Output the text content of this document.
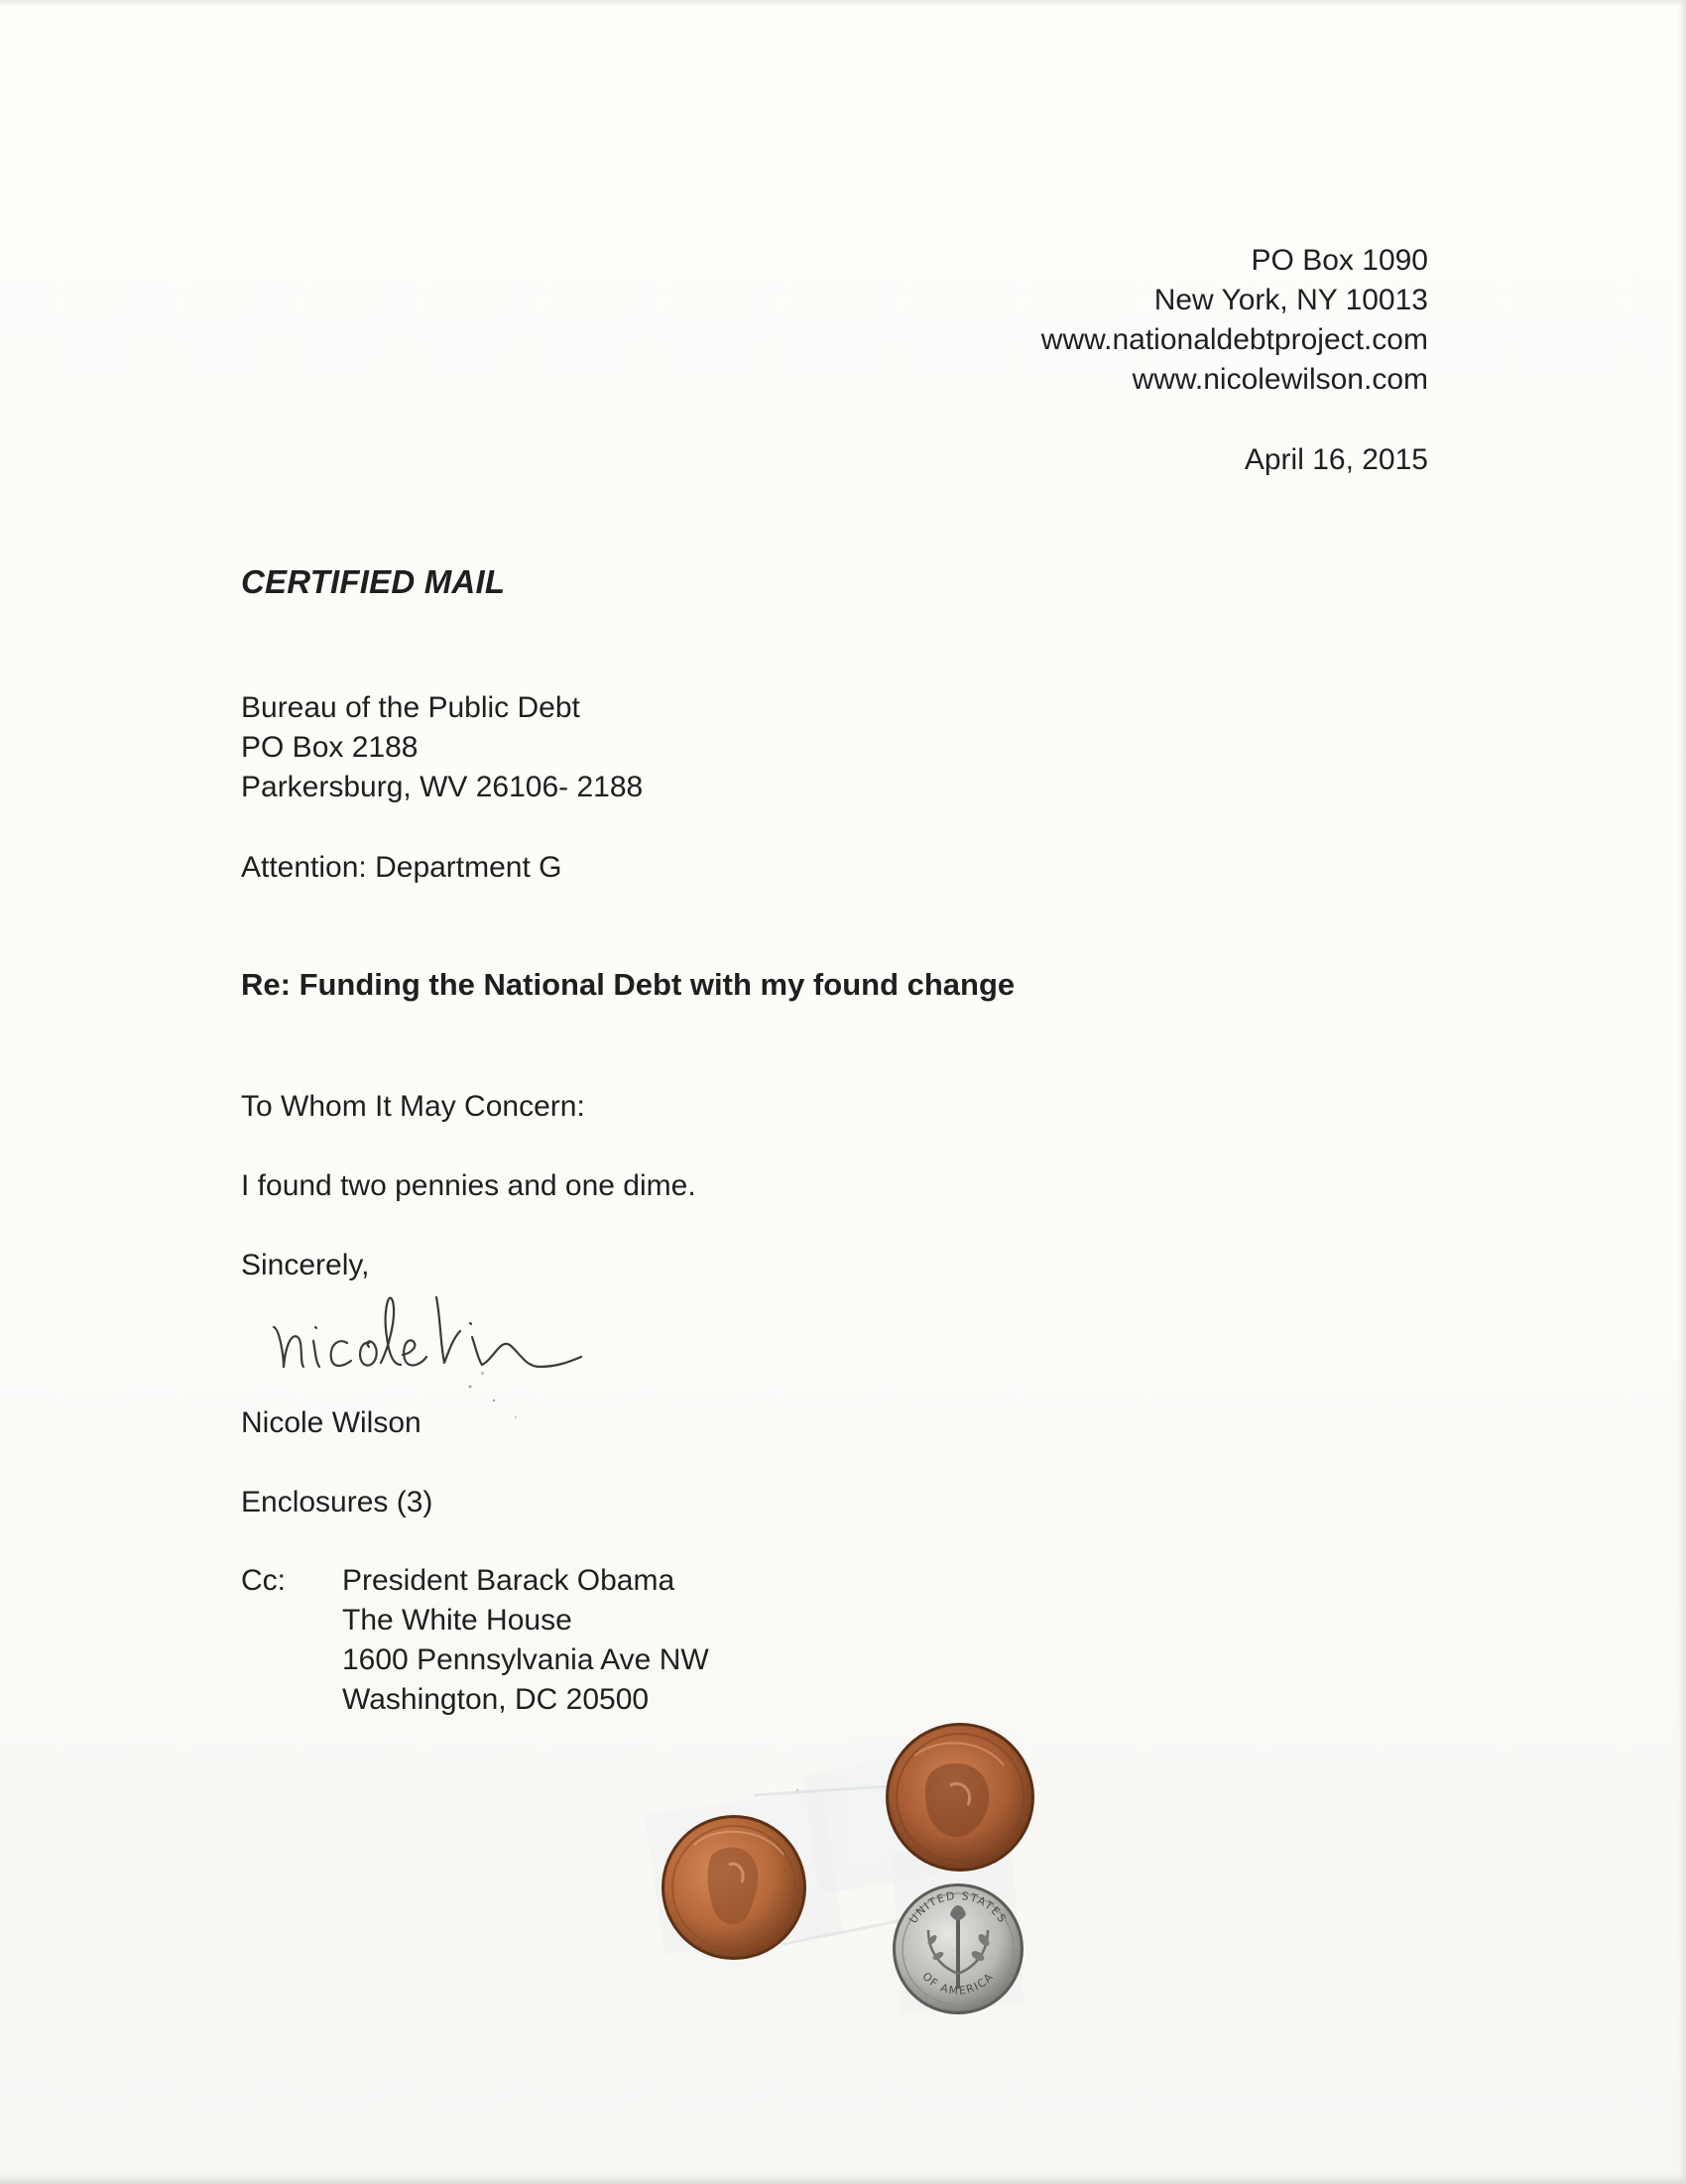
PO Box 1090
New York, NY 10013
www.nationaldebtproject.com
www.nicolewilson.com
April 16, 2015
CERTIFIED MAIL
Bureau of the Public Debt
PO Box 2188
Parkersburg, WV 26106- 2188
Attention: Department G
Re: Funding the National Debt with my found change
To Whom It May Concern:
I found two pennies and one dime.
Sincerely,
Nicole Wilson
Enclosures (3)
Cc: President Barack Obama
The White House
1600 Pennsylvania Ave NW
Washington, DC 20500
UNITED STATES
OF AMERICA
